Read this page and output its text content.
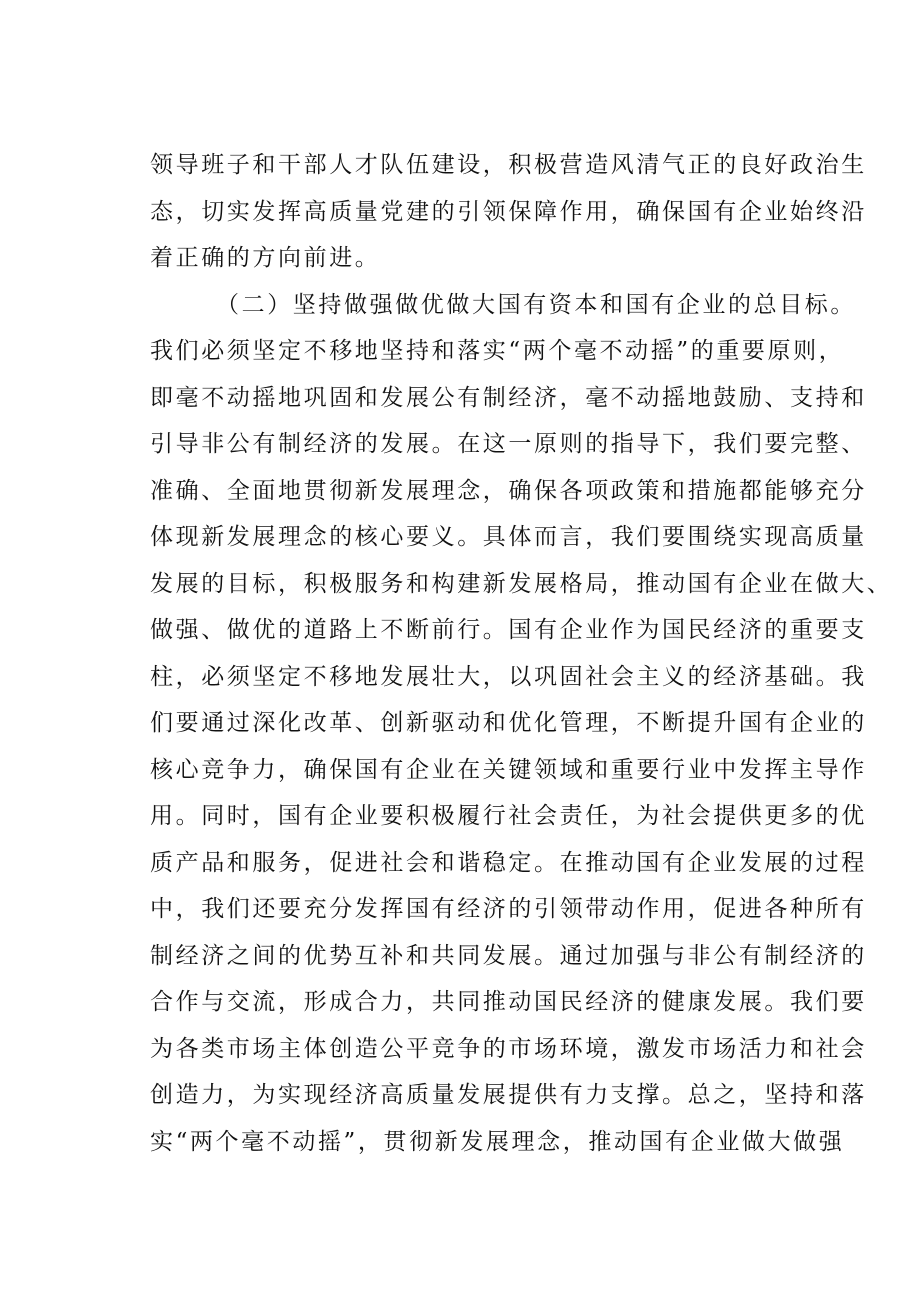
领导班子和干部人才队伍建设，积极营造风清气正的良好政治生
态，切实发挥高质量党建的引领保障作用，确保国有企业始终沿
着正确的方向前进。
（二）坚持做强做优做大国有资本和国有企业的总目标。
我们必须坚定不移地坚持和落实“两个毫不动摇”的重要原则，
即毫不动摇地巩固和发展公有制经济，毫不动摇地鼓励、支持和
引导非公有制经济的发展。在这一原则的指导下，我们要完整、
准确、全面地贯彻新发展理念，确保各项政策和措施都能够充分
体现新发展理念的核心要义。具体而言，我们要围绕实现高质量
发展的目标，积极服务和构建新发展格局，推动国有企业在做大、
做强、做优的道路上不断前行。国有企业作为国民经济的重要支
柱，必须坚定不移地发展壮大，以巩固社会主义的经济基础。我
们要通过深化改革、创新驱动和优化管理，不断提升国有企业的
核心竞争力，确保国有企业在关键领域和重要行业中发挥主导作
用。同时，国有企业要积极履行社会责任，为社会提供更多的优
质产品和服务，促进社会和谐稳定。在推动国有企业发展的过程
中，我们还要充分发挥国有经济的引领带动作用，促进各种所有
制经济之间的优势互补和共同发展。通过加强与非公有制经济的
合作与交流，形成合力，共同推动国民经济的健康发展。我们要
为各类市场主体创造公平竞争的市场环境，激发市场活力和社会
创造力，为实现经济高质量发展提供有力支撑。总之，坚持和落
实“两个毫不动摇”，贯彻新发展理念，推动国有企业做大做强
